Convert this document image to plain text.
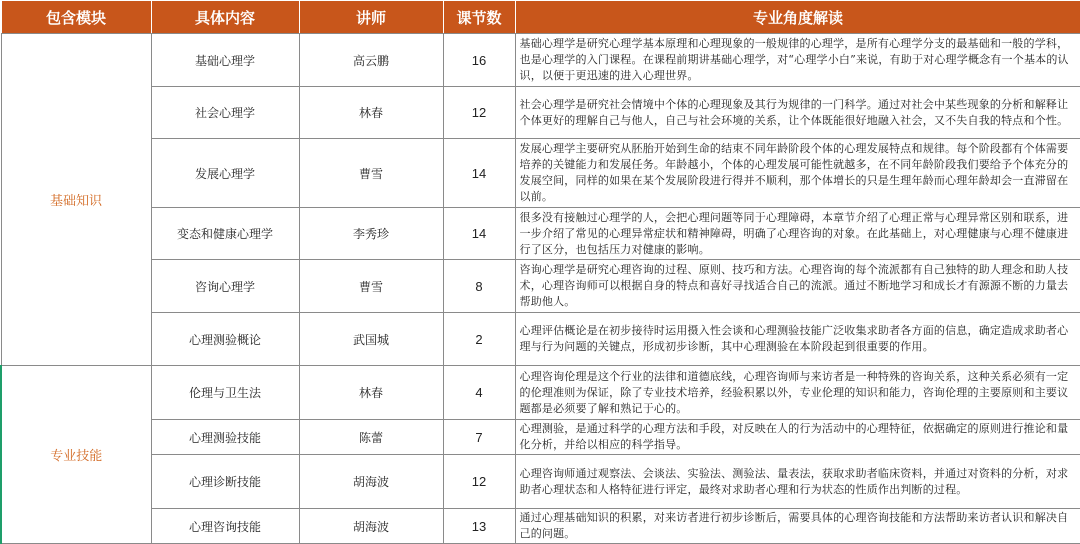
包含模块	具体内容	讲师	课节数	专业角度解读
基础知识	基础心理学	高云鹏	16	基础心理学是研究心理学基本原理和心理现象的一般规律的心理学，是所有心理学分支的最基础和一般的学科，也是心理学的入门课程。在课程前期讲基础心理学，对“心理学小白”来说，有助于对心理学概念有一个基本的认识，以便于更迅速的进入心理世界。
	社会心理学	林春	12	社会心理学是研究社会情境中个体的心理现象及其行为规律的一门科学。通过对社会中某些现象的分析和解释让个体更好的理解自己与他人，自己与社会环境的关系，让个体既能很好地融入社会，又不失自我的特点和个性。
	发展心理学	曹雪	14	发展心理学主要研究从胚胎开始到生命的结束不同年龄阶段个体的心理发展特点和规律。每个阶段都有个体需要培养的关键能力和发展任务。年龄越小，个体的心理发展可能性就越多，在不同年龄阶段我们要给予个体充分的发展空间，同样的如果在某个发展阶段进行得并不顺利，那个体增长的只是生理年龄而心理年龄却会一直滞留在以前。
	变态和健康心理学	李秀珍	14	很多没有接触过心理学的人，会把心理问题等同于心理障碍，本章节介绍了心理正常与心理异常区别和联系，进一步介绍了常见的心理异常症状和精神障碍，明确了心理咨询的对象。在此基础上，对心理健康与心理不健康进行了区分，也包括压力对健康的影响。
	咨询心理学	曹雪	8	咨询心理学是研究心理咨询的过程、原则、技巧和方法。心理咨询的每个流派都有自己独特的助人理念和助人技术，心理咨询师可以根据自身的特点和喜好寻找适合自己的流派。通过不断地学习和成长才有源源不断的力量去帮助他人。
	心理测验概论	武国城	2	心理评估概论是在初步接待时运用摄入性会谈和心理测验技能广泛收集求助者各方面的信息，确定造成求助者心理与行为问题的关键点，形成初步诊断，其中心理测验在本阶段起到很重要的作用。
专业技能	伦理与卫生法	林春	4	心理咨询伦理是这个行业的法律和道德底线，心理咨询师与来访者是一种特殊的咨询关系，这种关系必须有一定的伦理准则为保证，除了专业技术培养，经验积累以外，专业伦理的知识和能力，咨询伦理的主要原则和主要议题都是必须要了解和熟记于心的。
	心理测验技能	陈蕾	7	心理测验，是通过科学的心理方法和手段，对反映在人的行为活动中的心理特征，依据确定的原则进行推论和量化分析，并给以相应的科学指导。
	心理诊断技能	胡海波	12	心理咨询师通过观察法、会谈法、实验法、测验法、量表法，获取求助者临床资料，并通过对资料的分析，对求助者心理状态和人格特征进行评定，最终对求助者心理和行为状态的性质作出判断的过程。
	心理咨询技能	胡海波	13	通过心理基础知识的积累，对来访者进行初步诊断后，需要具体的心理咨询技能和方法帮助来访者认识和解决自己的问题。
